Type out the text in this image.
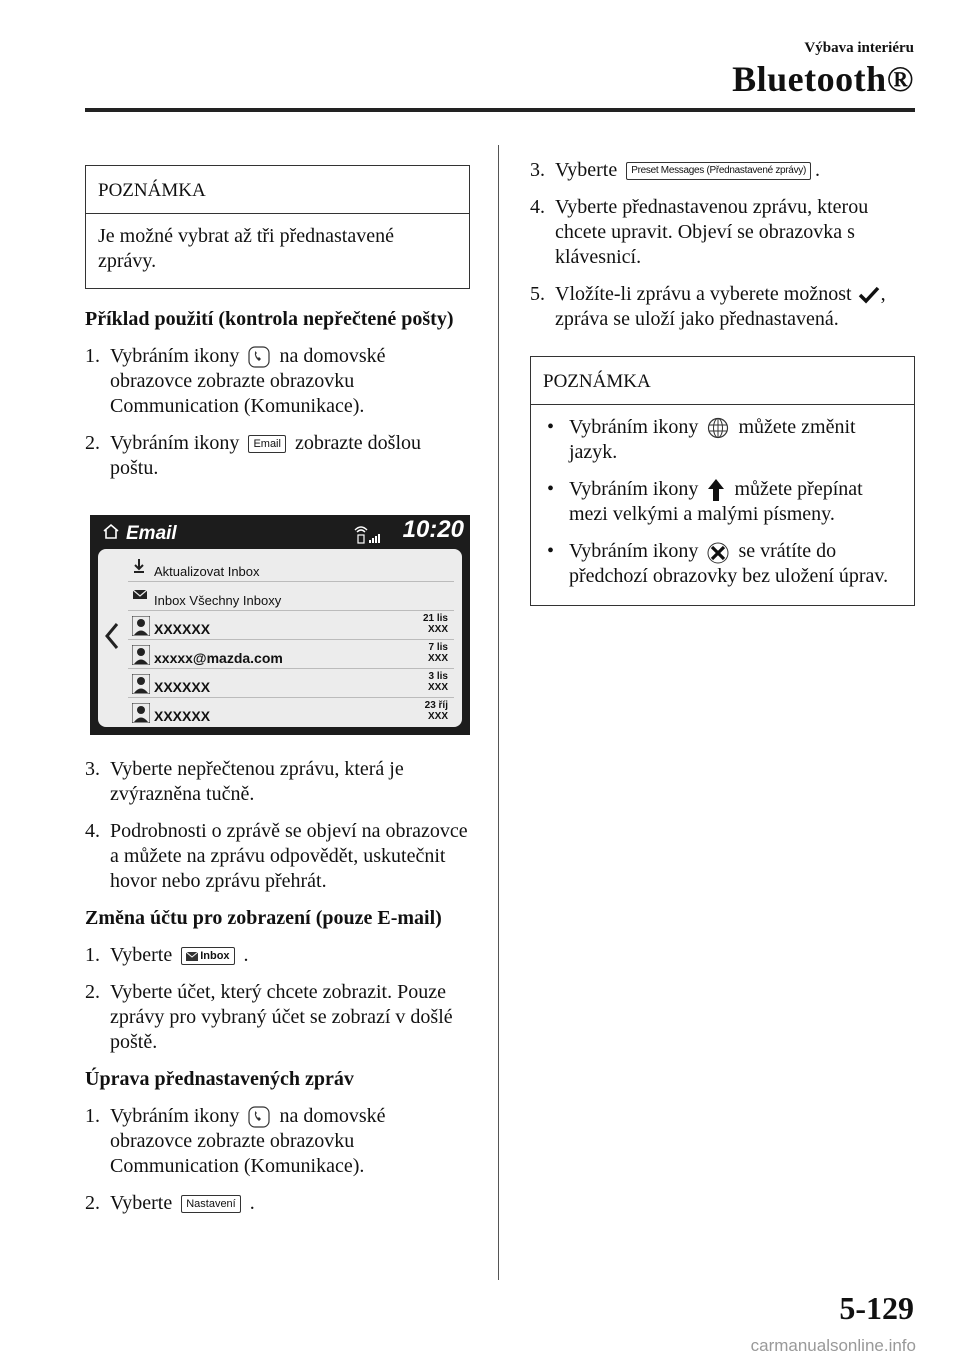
Výbava interiéru
Bluetooth®
POZNÁMKA
Je možné vybrat až tři přednastavené zprávy.
Příklad použití (kontrola nepřečtené pošty)
1. Vybráním ikony na domovské obrazovce zobrazte obrazovku Communication (Komunikace).
2. Vybráním ikony Email zobrazte došlou poštu.
Email	10:20
Aktualizovat Inbox
Inbox Všechny Inboxy
XXXXXX
21 lis
XXX
xxxxx@mazda.com
7 lis
XXX
XXXXXX
3 lis
XXX
XXXXXX
23 říj
XXX
3. Vyberte nepřečtenou zprávu, která je zvýrazněna tučně.
4. Podrobnosti o zprávě se objeví na obrazovce a můžete na zprávu odpovědět, uskutečnit hovor nebo zprávu přehrát.
Změna účtu pro zobrazení (pouze E-mail)
1. Vyberte	Inbox .
2. Vyberte účet, který chcete zobrazit. Pouze zprávy pro vybraný účet se zobrazí v došlé poště.
Úprava přednastavených zpráv
1. Vybráním ikony na domovské obrazovce zobrazte obrazovku Communication (Komunikace).
2. Vyberte Nastavení .
3. Vyberte Preset Messages (Přednastavené zprávy) .
4. Vyberte přednastavenou zprávu, kterou chcete upravit. Objeví se obrazovka s klávesnicí.
5. Vložíte-li zprávu a vyberete možnost , zpráva se uloží jako přednastavená.
POZNÁMKA
• Vybráním ikony můžete změnit jazyk.
• Vybráním ikony můžete přepínat mezi velkými a malými písmeny.
• Vybráním ikony se vrátíte do předchozí obrazovky bez uložení úprav.
5-129
carmanualsonline.info
